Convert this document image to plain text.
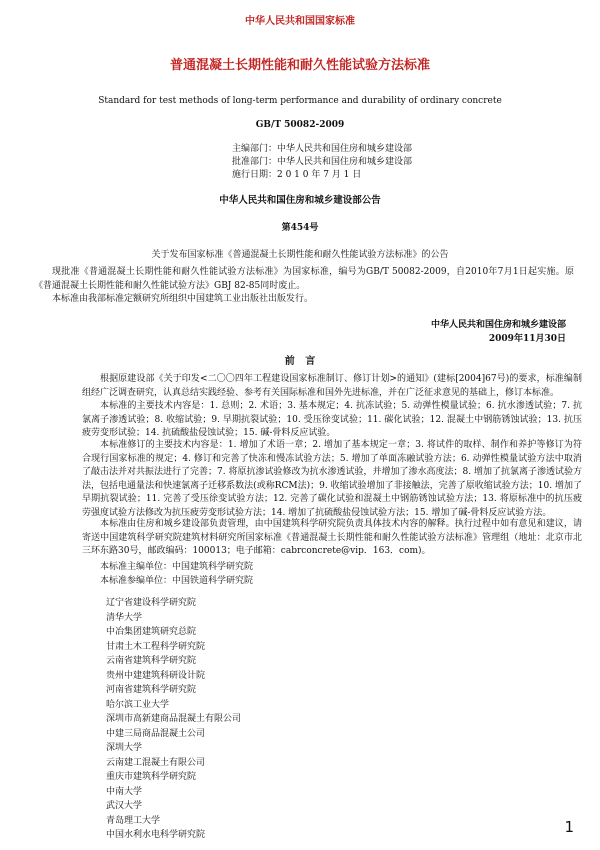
中华人民共和国国家标准
普通混凝土长期性能和耐久性能试验方法标准
Standard for test methods of long-term performance and durability of ordinary concrete
GB/T 50082-2009
主编部门：中华人民共和国住房和城乡建设部
批准部门：中华人民共和国住房和城乡建设部
施行日期：2 0 1 0 年 7 月 1 日
中华人民共和国住房和城乡建设部公告
第454号
关于发布国家标准《普通混凝土长期性能和耐久性能试验方法标准》的公告

现批准《普通混凝土长期性能和耐久性能试验方法标准》为国家标准，编号为GB/T 50082-2009，自2010年7月1日起实施。原《普通混凝土长期性能和耐久性能试验方法》GBJ 82-85同时废止。

本标准由我部标准定额研究所组织中国建筑工业出版社出版发行。

中华人民共和国住房和城乡建设部
2009年11月30日
前   言

根据原建设部《关于印发<二〇〇四年工程建设国家标准制订、修订计划>的通知》(建标[2004]67号)的要求，标准编制组经广泛调查研究，认真总结实践经验、参考有关国际标准和国外先进标准，并在广泛征求意见的基础上，修订本标准。

本标准的主要技术内容是：1. 总则；2. 术语；3. 基本规定；4. 抗冻试验；5. 动弹性模量试验；6. 抗水渗透试验；7. 抗氯离子渗透试验；8. 收缩试验；9. 早期抗裂试验；10. 受压徐变试验；11. 碳化试验；12. 混凝土中钢筋锈蚀试验；13. 抗压疲劳变形试验；14. 抗硫酸盐侵蚀试验；15. 碱-骨料反应试验。

本标准修订的主要技术内容是：1. 增加了术语一章；2. 增加了基本规定一章；3. 将试件的取样、制作和养护等修订为符合现行国家标准的规定；4. 修订和完善了快冻和慢冻试验方法；5. 增加了单面冻融试验方法；6. 动弹性模量试验方法中取消了敲击法并对共振法进行了完善；7. 将原抗渗试验修改为抗水渗透试验，并增加了渗水高度法；8. 增加了抗氯离子渗透试验方法，包括电通量法和快速氯离子迁移系数法(或称RCM法)；9. 收缩试验增加了非接触法，完善了原收缩试验方法；10. 增加了早期抗裂试验；11. 完善了受压徐变试验方法；12. 完善了碳化试验和混凝土中钢筋锈蚀试验方法；13. 将原标准中的抗压疲劳强度试验方法修改为抗压疲劳变形试验方法；14. 增加了抗硫酸盐侵蚀试验方法；15. 增加了碱-骨料反应试验方法。

本标准由住房和城乡建设部负责管理，由中国建筑科学研究院负责具体技术内容的解释。执行过程中如有意见和建议，请寄送中国建筑科学研究院建筑材料研究所国家标准《普通混凝土长期性能和耐久性能试验方法标准》管理组（地址：北京市北三环东路30号，邮政编码：100013；电子邮箱：cabrconcrete@vip．163．com)。

本标准主编单位：中国建筑科学研究院
本标准参编单位：中国铁道科学研究院
辽宁省建设科学研究院
清华大学
中冶集团建筑研究总院
甘肃土木工程科学研究院
云南省建筑科学研究院
贵州中建建筑科研设计院
河南省建筑科学研究院
哈尔滨工业大学
深圳市高新建商品混凝土有限公司
中建三局商品混凝土公司
深圳大学
云南建工混凝土有限公司
重庆市建筑科学研究院
中南大学
武汉大学
青岛理工大学
中国水利水电科学研究院	1
